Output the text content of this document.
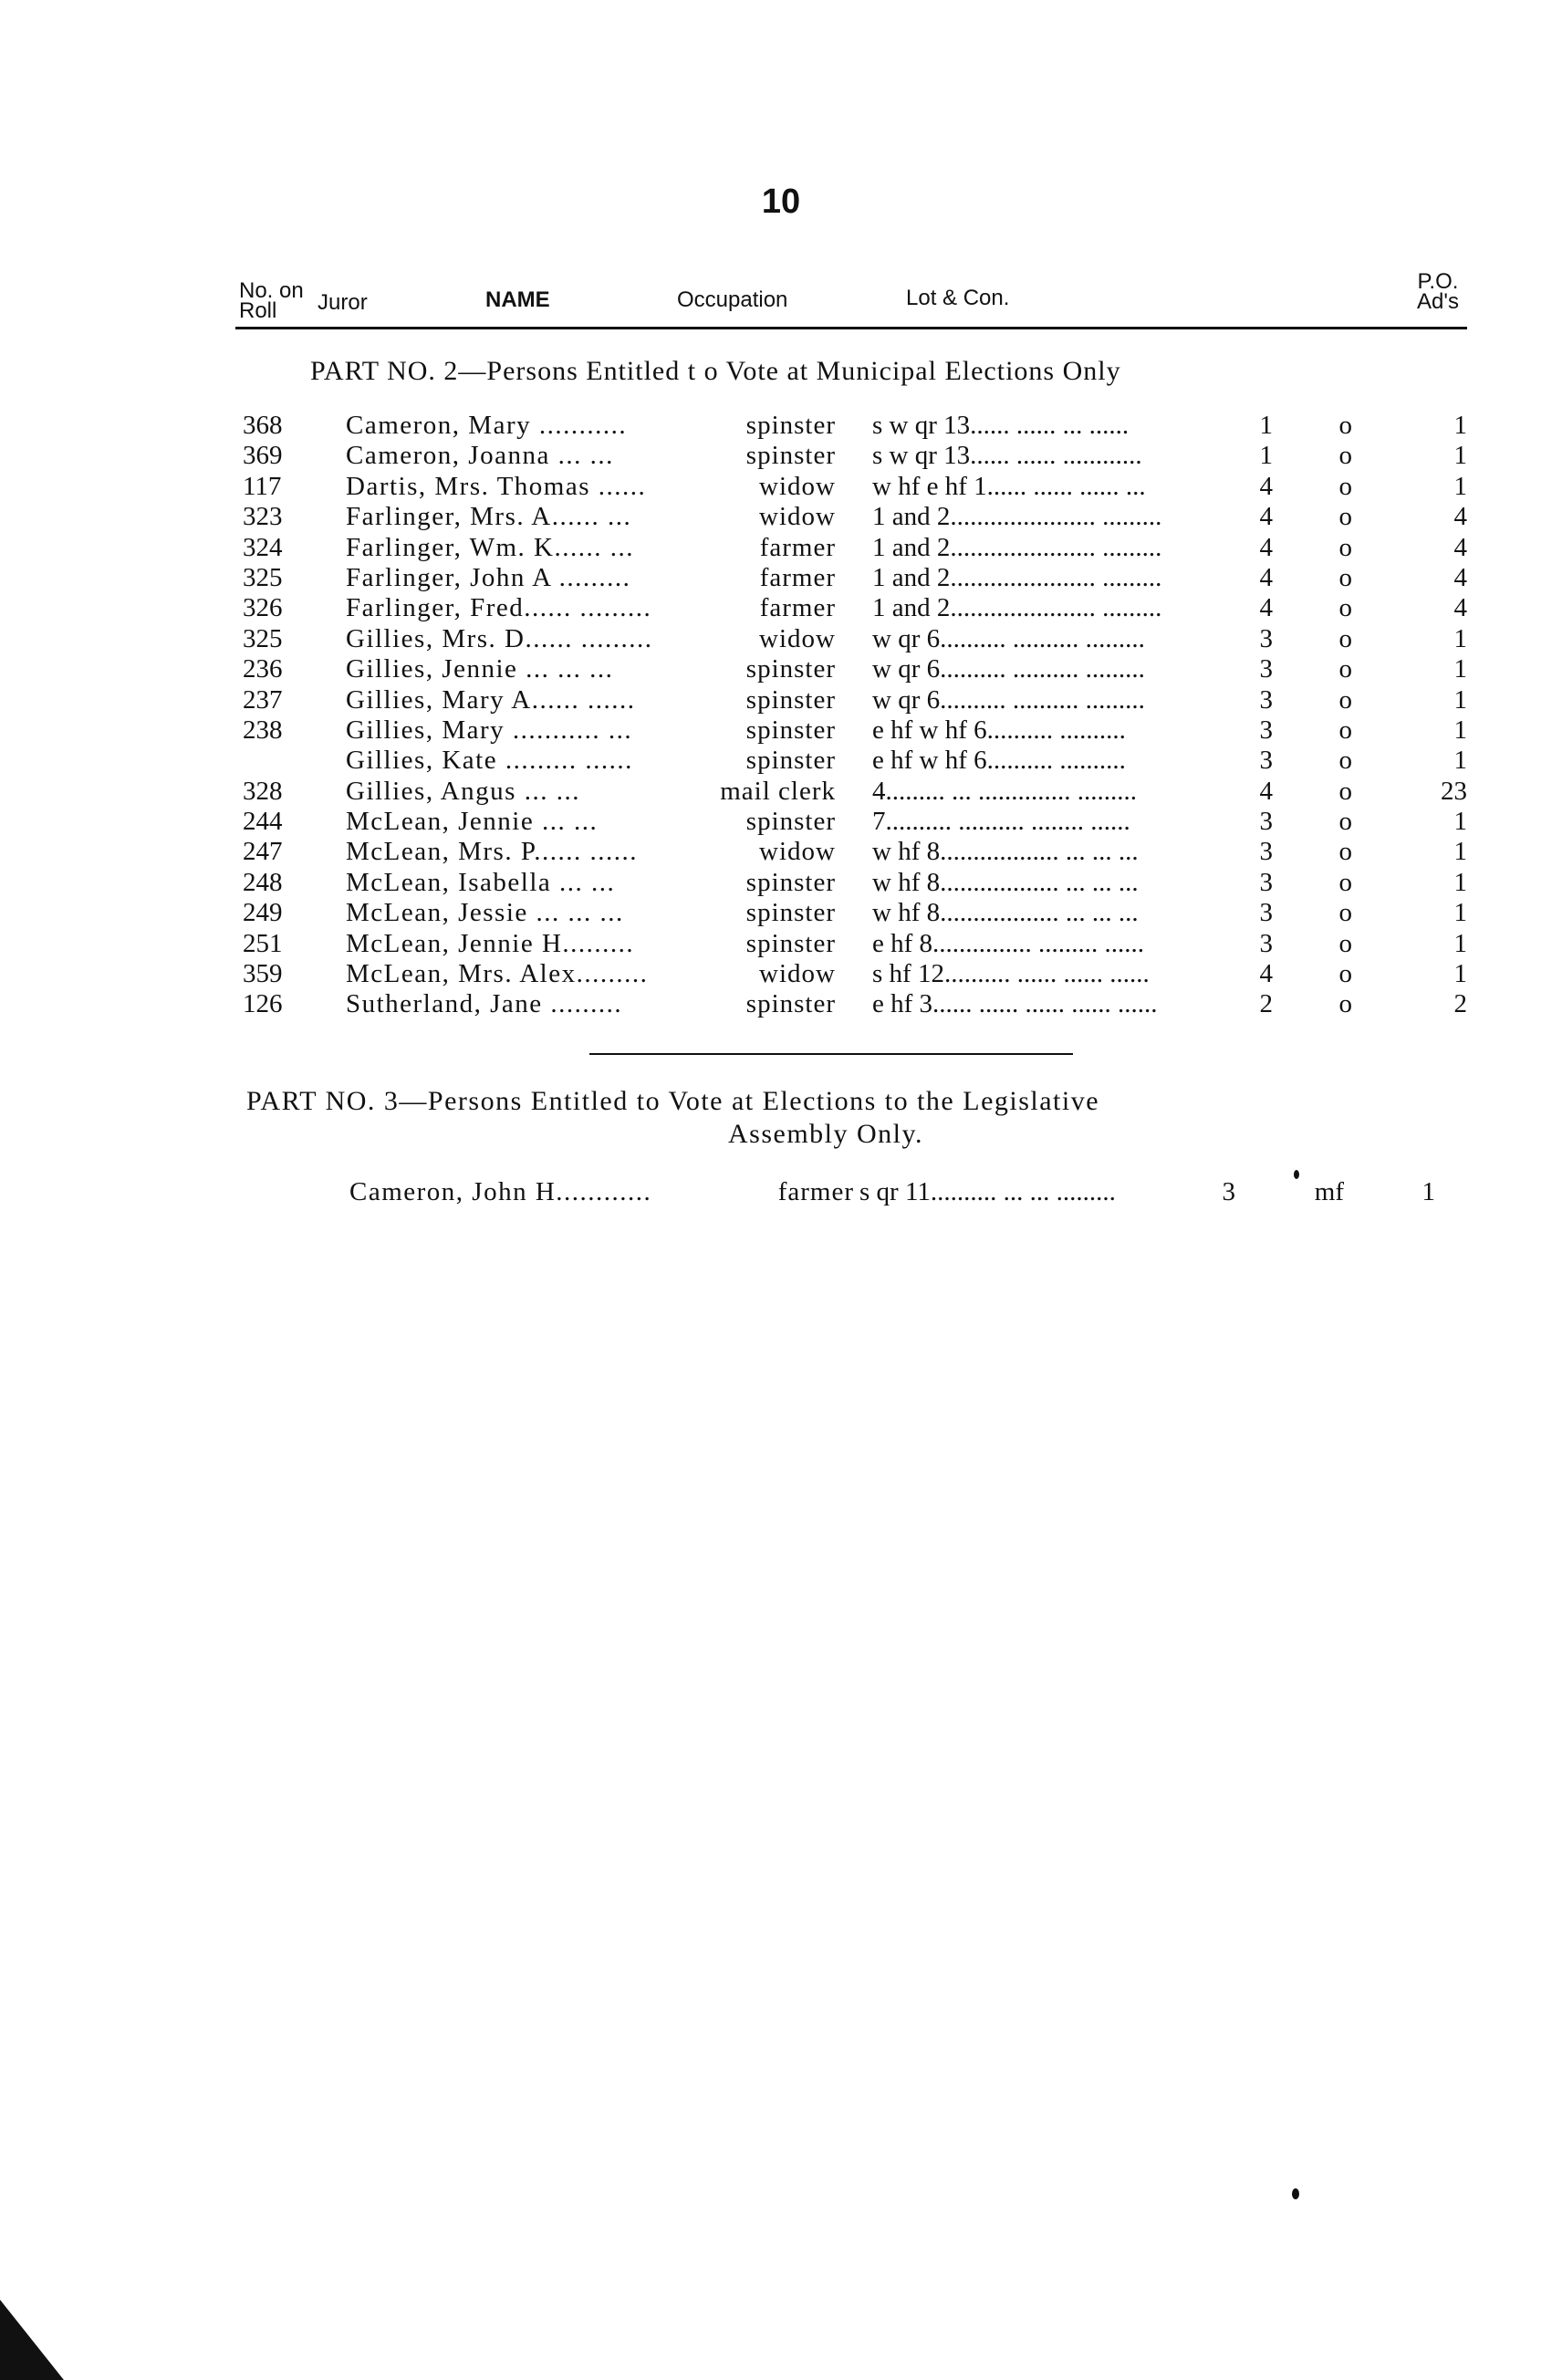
10
No. on
Roll	Juror	NAME	Occupation	Lot & Con.
P.O.
Ad's
PART NO. 2—Persons Entitled t o Vote at Municipal Elections Only
368 Cameron, Mary ...........	spinster s w qr 13...... ...... ... ......	1	o	1
369 Cameron, Joanna ... ...	spinster s w qr 13...... ...... ............	1	o	1
117 Dartis, Mrs. Thomas ......	widow w hf e hf 1...... ...... ...... ...	4	o	1
323 Farlinger, Mrs. A...... ...	widow 1 and 2...................... .........	4	o	4
324 Farlinger, Wm. K...... ...	farmer 1 and 2...................... .........	4	o	4
325 Farlinger, John A .........	farmer 1 and 2...................... .........	4	o	4
326 Farlinger, Fred...... .........	farmer 1 and 2...................... .........	4	o	4
325 Gillies, Mrs. D...... .........	widow w qr 6.......... .......... .........	3	o	1
236 Gillies, Jennie ... ... ...	spinster w qr 6.......... .......... .........	3	o	1
237 Gillies, Mary A...... ......	spinster w qr 6.......... .......... .........	3	o	1
238 Gillies, Mary ........... ...	spinster e hf w hf 6.......... ..........	3	o	1
Gillies, Kate ......... ......	spinster e hf w hf 6.......... ..........	3	o	1
328 Gillies, Angus ... ...	mail clerk 4......... ... .............. .........	4	o	23
244 McLean, Jennie ... ...	spinster 7.......... .......... ........ ......	3	o	1
247 McLean, Mrs. P...... ......	widow w hf 8.................. ... ... ...	3	o	1
248 McLean, Isabella ... ...	spinster w hf 8.................. ... ... ...	3	o	1
249 McLean, Jessie ... ... ...	spinster w hf 8.................. ... ... ...	3	o	1
251 McLean, Jennie H.........	spinster e hf 8............... ......... ......	3	o	1
359 McLean, Mrs. Alex.........	widow s hf 12.......... ...... ...... ......	4	o	1
126 Sutherland, Jane .........	spinster e hf 3...... ...... ...... ...... ......	2	o	2
PART NO. 3—Persons Entitled to Vote at Elections to the Legislative
Assembly Only.
Cameron, John H............	farmer s qr 11.......... ... ... .........	3	mf	1
